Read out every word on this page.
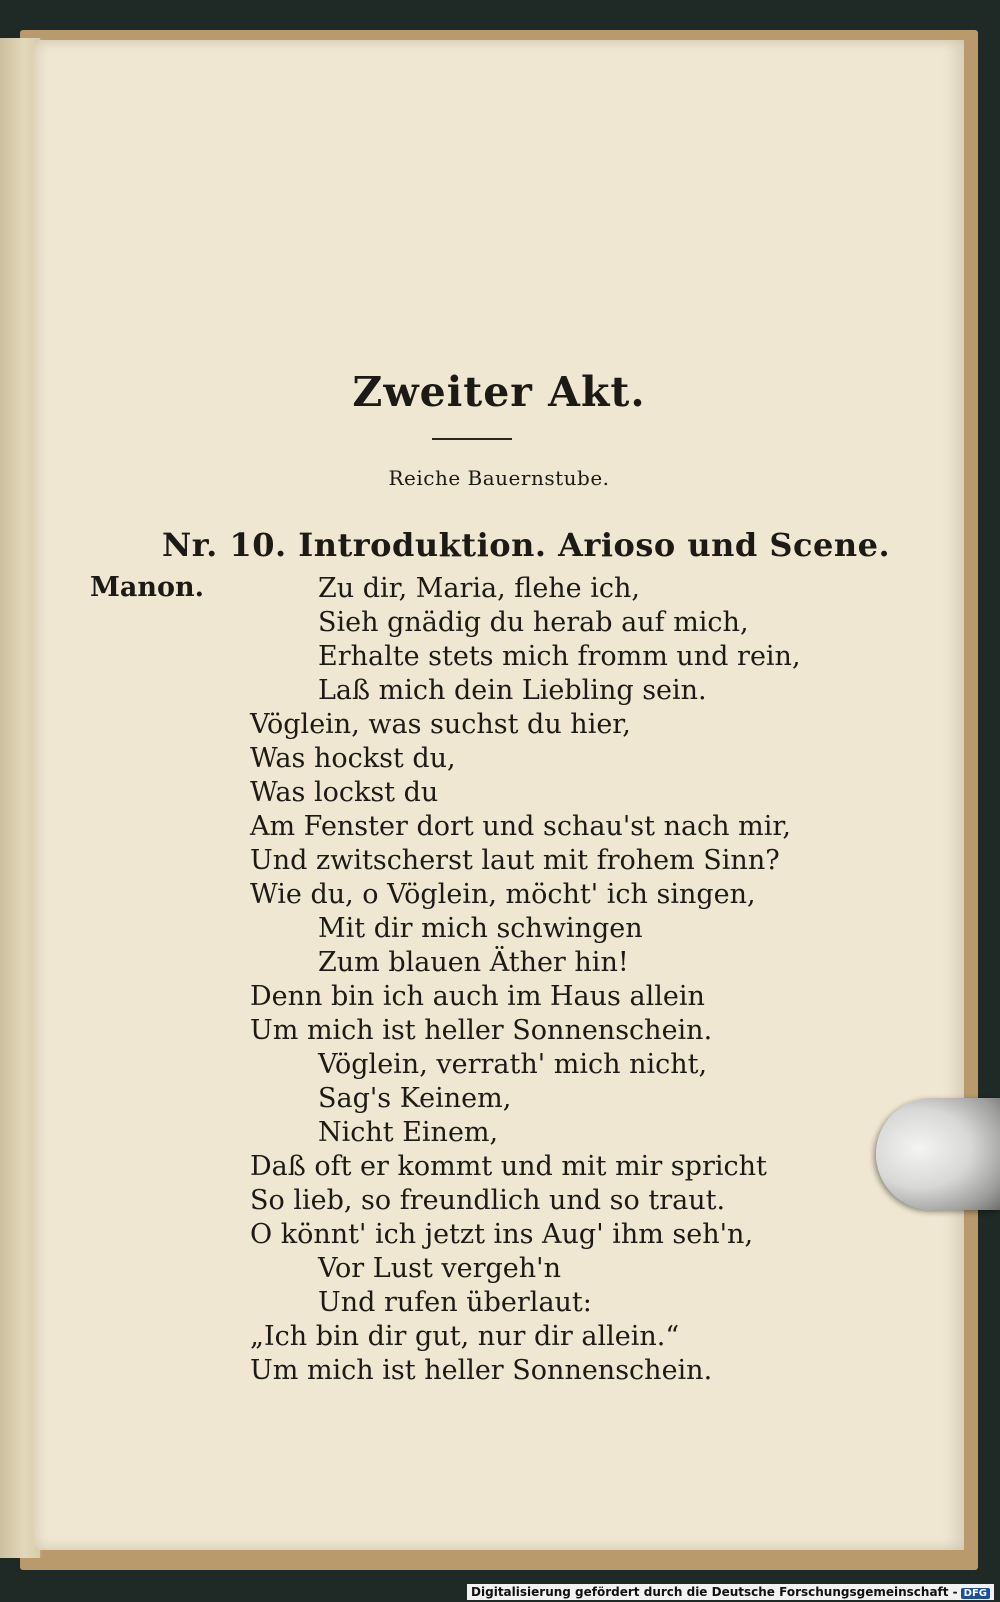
Zweiter Akt.
Reiche Bauernstube.
Nr. 10. Introduktion. Arioso und Scene.
Manon.	Zu dir, Maria, flehe ich,
Sieh gnädig du herab auf mich,
Erhalte stets mich fromm und rein,
Laß mich dein Liebling sein.
Vöglein, was suchst du hier,
Was hockst du,
Was lockst du
Am Fenster dort und schau'st nach mir,
Und zwitscherst laut mit frohem Sinn?
Wie du, o Vöglein, möcht' ich singen,
Mit dir mich schwingen
Zum blauen Äther hin!
Denn bin ich auch im Haus allein
Um mich ist heller Sonnenschein.
Vöglein, verrath' mich nicht,
Sag's Keinem,
Nicht Einem,
Daß oft er kommt und mit mir spricht
So lieb, so freundlich und so traut.
O könnt' ich jetzt ins Aug' ihm seh'n,
Vor Lust vergeh'n
Und rufen überlaut:
„Ich bin dir gut, nur dir allein.“
Um mich ist heller Sonnenschein.
Digitalisierung gefördert durch die Deutsche Forschungsgemeinschaft - DFG
